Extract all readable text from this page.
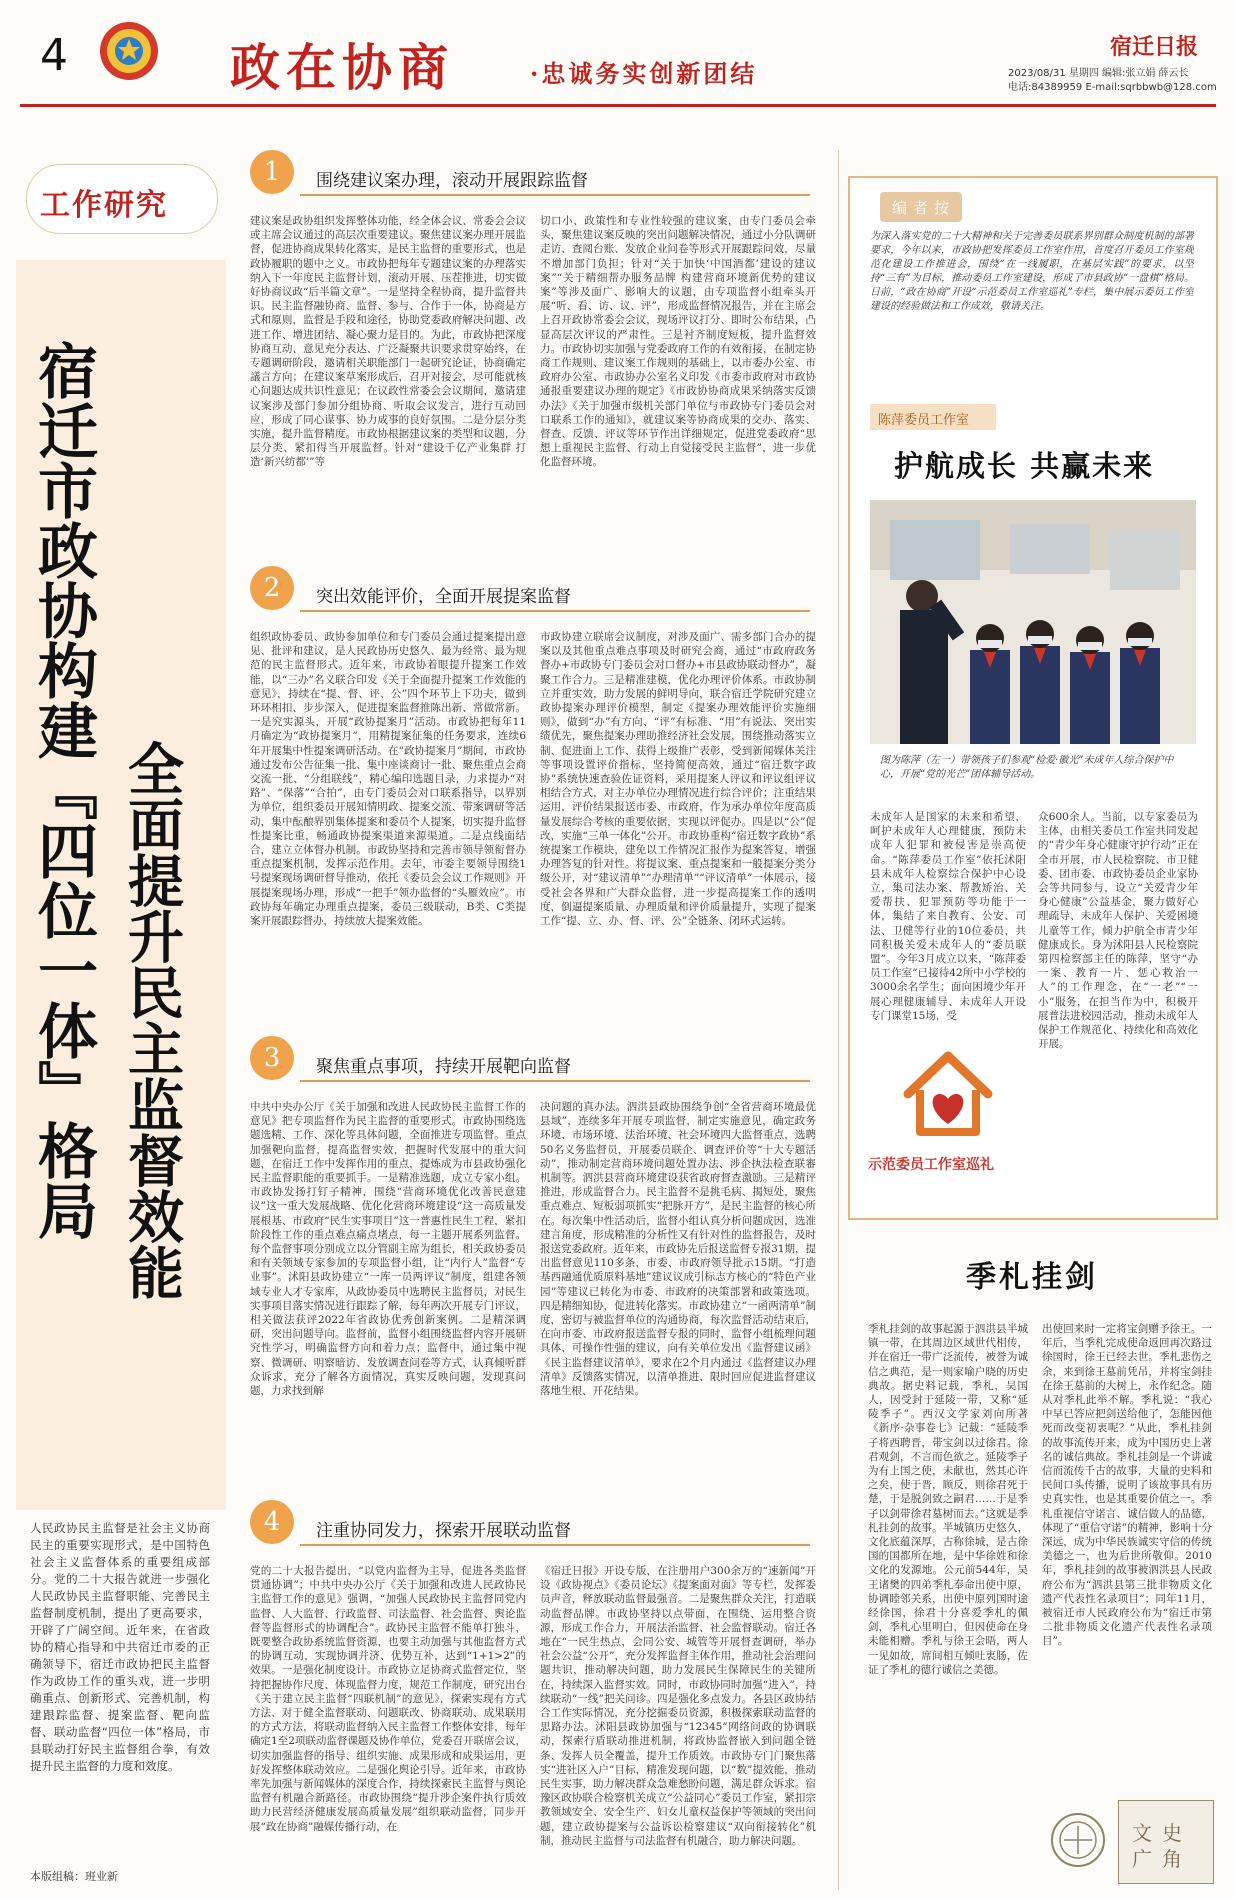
4	政在协商	·忠诚务实创新团结
宿迁日报
2023/08/31 星期四 编辑:张立娟 薛云长
电话:84389959 E-mail:sqrbbwb@128.com
工作研究
宿迁市政协构建『四位一体』格局 全面提升民主监督效能
人民政协民主监督是社会主义协商民主的重要实现形式，是中国特色社会主义监督体系的重要组成部分。党的二十大报告就进一步强化人民政协民主监督职能、完善民主监督制度机制，提出了更高要求，开辟了广阔空间。近年来，在省政协的精心指导和中共宿迁市委的正确领导下，宿迁市政协把民主监督作为政协工作的重头戏，进一步明确重点、创新形式、完善机制，构建跟踪监督、提案监督、靶向监督、联动监督“四位一体”格局，市县联动打好民主监督组合拳，有效提升民主监督的力度和效度。
本版组稿：班业新
1	围绕建议案办理，滚动开展跟踪监督
建议案是政协组织发挥整体功能，经全体会议、常委会会议或主席会议通过的高层次重要建议。聚焦建议案办理开展监督，促进协商成果转化落实，是民主监督的重要形式，也是政协履职的题中之义。市政协把每年专题建议案的办理落实纳入下一年度民主监督计划，滚动开展、压茬推进，切实做好协商议政“后半篇文章”。一是坚持全程协商，提升监督共识。民主监督融协商、监督、参与、合作于一体，协商是方式和原则，监督是手段和途径，协助党委政府解决问题、改进工作、增进团结、凝心聚力是目的。为此，市政协把深度协商互动、意见充分表达、广泛凝聚共识要求贯穿始终，在专题调研阶段，邀请相关职能部门一起研究论证，协商确定議言方向；在建议案草案形成后，召开对接会，尽可能就核心问题达成共识性意见；在议政性常委会会议期间，邀请建议案涉及部门参加分组协商、听取会议发言，进行互动回应，形成了同心谋事、协力成事的良好氛围。二是分层分类实施，提升监督精度。市政协根据建议案的类型和议题，分层分类、紧扣得当开展监督。针对“建设千亿产业集群 打造‘新兴纺都’”等
切口小、政策性和专业性较强的建议案，由专门委员会牵头，聚焦建议案反映的突出问题解决情况，通过小分队调研走访、查阅台账、发放企业问卷等形式开展跟踪问效，尽量不增加部门负担；针对“关于加快‘中国酒都’建设的建议案”“关于精细帮办服务品牌 构建营商环境新优势的建议案”等涉及面广、影响大的议题，由专项监督小组牵头开展“听、看、访、议、评”，形成监督情况报告，并在主席会上召开政协常委会会议，现场评议打分、即时公布结果，凸显高层次评议的严肃性。三是衬齐制度短板，提升监督效力。市政协切实加强与党委政府工作的有效衔接，在制定协商工作规则、建议案工作规则的基础上，以市委办公室、市政府办公室、市政协办公室名义印发《市委市政府对市政协通报重要建议办理的规定》《市政协协商成果采纳落实反馈办法》《关于加强市级机关部门单位与市政协专门委员会对口联系工作的通知》，就建议案等协商成果的交办、落实、督查、反馈、评议等环节作出详细规定，促进党委政府“思想上重视民主监督、行动上自觉接受民主监督”，进一步优化监督环境。
2	突出效能评价，全面开展提案监督
组织政协委员、政协参加单位和专门委员会通过提案提出意见、批评和建议，是人民政协历史悠久、最为经常、最为规范的民主监督形式。近年来，市政协着眼提升提案工作效能，以“三办”名义联合印发《关于全面提升提案工作效能的意见》，持续在“提、督、评、公”四个环节上下功夫，做到环环相扣、步步深入，促进提案监督推陈出新、常做常新。一是究实源头，开展“政协提案月”活动。市政协把每年11月确定为“政协提案月”，用精提案征集的任务要求，连续6年开展集中性提案调研活动。在“政协提案月”期间，市政协通过发布公告征集一批、集中座谈商讨一批、聚焦重点会商交流一批、“分组联线”，精心编印选题目录，力求提办“对路”、“保落”“合拍”，由专门委员会对口联系指导，以界别为单位，组织委员开展知情明政、提案交流、带案调研等活动，集中酝酿界别集体提案和委员个人提案，切实提升监督性提案比重，畅通政协提案渠道来源渠道。二是点线面结合，建立立体督办机制。市政协坚持和完善市领导领衔督办重点提案机制，发挥示范作用。去年，市委主要领导围绕1号提案现场调研督导推动，依托《委员会会议工作规则》开展提案现场办理，形成“一把手”领办监督的“头雁效应”。市政协每年确定办理重点提案，委员三级联动，B类、C类提案开展跟踪督办，持续放大提案效能。
市政协建立联席会议制度，对涉及面广、需多部门合办的提案以及其他重点难点事项及时研究会商，通过“市政府政务督办+市政协专门委员会对口督办+市县政协联动督办”，凝聚工作合力。三是精准建模，优化办理评价体系。市政协制立并重实效，助力发展的鲜明导向，联合宿迁学院研究建立政协提案办理评价模型，制定《提案办理效能评价实施细则》，做到“办”有方向、“评”有标准、“用”有说法、突出实绩优先，聚焦提案办理助推经济社会发展，围绕推动落实立制、促进面上工作、获得上级推广表彰，受到新闻媒体关注等事项设置评价指标，坚持简便高效，通过“宿迁数字政协”系统快速查验佐证资料，采用提案人评议和评议组评议相结合方式，对主办单位办理情况进行综合评价；注重结果运用，评价结果报送市委、市政府，作为承办单位年度高质量发展综合考核的重要依据，实现以评促办。四是以“公”促改，实施“三单一体化”公开。市政协重构“宿迁数字政协”系统提案工作模块，建免以工作情况汇报作为提案答复，增强办理答复的针对性。将提议案、重点提案和一般提案分类分级公开，对“建议清单”“办理清单”“评议清单”一体展示，接受社会各界和广大群众监督，进一步提高提案工作的透明度，倒逼提案质量、办理质量和评价质量提升，实现了提案工作“提、立、办、督、评、公”全链条、闭环式运转。
3	聚焦重点事项，持续开展靶向监督
中共中央办公厅《关于加强和改进人民政协民主监督工作的意见》把专项监督作为民主监督的重要形式。市政协围绕选题选精、工作、深化等具体问题，全面推进专项监督。重点加强靶向监督，提高监督实效，把握时代发展中的重大问题，在宿迁工作中发挥作用的重点，提炼成为市县政协强化民主监督职能的重要抓手。一是精准选题，成立专家小组。市政协发扬打钉子精神，围绕“营商环境优化改善民意建议”这一重大发展战略、优化化营商环境建设“这一高质量发展根基、市政府“民生实事项目”这一普惠性民生工程，紧扣阶段性工作的重点难点痛点堵点，每一主题开展系列监督。每个监督事项分别成立以分管副主席为组长，相关政协委员和有关领域专家参加的专项监督小组，让“内行人”监督“专业事”。沭阳县政协建立“一库一员两评议”制度，组建各领域专业人才专家库，从政协委员中选聘民主监督员，对民生实事项目落实情况进行跟踪了解，每年两次开展专门评议，相关做法获评2022年省政协优秀创新案例。二是精深调研，突出问题导向。监督前，监督小组围绕监督内容开展研究性学习，明确监督方向和着力点；监督中，通过集中视察、微调研、明察暗访、发放调查问卷等方式，认真倾听群众诉求，充分了解各方面情况，真实反映问题，发现真问题，力求找到解
决问题的真办法。泗洪县政协围绕争创“全省营商环境最优县域”，连续多年开展专项监督，制定实施意见，确定政务环境、市场环境、法治环境、社会环境四大监督重点，选聘50名义务监督员，开展委员联企、调查评价等“十大专题活动”，推动制定营商环境问题处置办法、涉企执法检查联審机制等。泗洪县营商环境建设获省政府督查激励。三是精评推进，形成监督合力。民主监督不是挑毛病、揭短处，聚焦重点难点、短板弱项抓实“把脉开方”，是民主监督的核心所在。每次集中性活动后，监督小组认真分析问题成因，选准建言角度，形成精准的分析性又有针对性的监督报告，及时报送党委政府。近年来，市政协先后报送监督专报31期，提出监督意见110多条，市委、市政府领导批示15期。“打造基西融通优质原料基地”建议议成引标志方核心的“特色产业园”等建议已转化为市委、市政府的决策部署和政策选项。四是精细知协，促进转化落实。市政协建立“一函两清单”制度，密切与被监督单位的沟通协商，每次监督活动结束后，在向市委、市政府报送监督专报的同时，监督小组梳理问题具体、可操作性强的建议，向有关单位发出《监督建议函》《民主监督建议清单》，要求在2个月内通过《监督建议办理清单》反馈落实情况，以清单推进、限时回应促进监督建议落地生根、开花结果。
4	注重协同发力，探索开展联动监督
党的二十大报告提出，“以党内监督为主导，促进各类监督贯通协调”；中共中央办公厅《关于加强和改进人民政协民主监督工作的意见》强调，“加强人民政协民主监督同党内监督、人大监督、行政监督、司法监督、社会监督、舆论监督等监督形式的协调配合”。政协民主监督不能单打独斗，既要整合政协系统监督资源，也要主动加强与其他监督方式的协调互动，实现协调并济、优势互补，达到“1+1>2”的效果。一是强化制度设计。市政协立足协商式监督定位，坚持把握协作尺度、体现监督力度，规范工作制度，研究出台《关于建立民主监督“四联机制”的意见》，探索实现有方式方法、对于健全监督联动、问题联改、协商联动、成果联用的方式方法，将联动监督纳入民主监督工作整体安排，每年确定1至2项联动监督课题及协作单位，党委召开联席会议，切实加强监督的指导、组织实施、成果形成和成果运用，更好发挥整体联动效应。二是强化舆论引导。近年来，市政协率先加强与新闻媒体的深度合作，持续探索民主监督与舆论监督有机融合新路径。市政协围绕“提升涉企案件执行质效 助力民营经济健康发展高质量发展”组织联动监督，同步开展“政在协商”融媒传播行动，在
《宿迁日报》开设专版，在注册用户300余万的“速新闻”开设《政协视点》《委员论坛》《提案面对面》等专栏，发挥委员声音，释放联动监督最强音。二是聚焦群众关注，打造联动监督品牌。市政协坚持以点带面，在围绕、运用整合资源，形成工作合力，开展法治监督、社会监督联动。宿迁各地在“一民生热点，会同公安、城管等开展督查调研，举办社会公益“公开”，充分发挥监督主体作用，推动社会治理问题共识，推动解决问题，助力发展民生保障民生的关键所在，持续深入监督实效。同时，市政协同时加强“进入”，持续联动“一线”把关问诊。四是强化多点发力。各县区政协结合工作实际情况，充分挖掘委员资源，积极探索联动监督的思路办法。沭阳县政协加强与“12345”网络问政的协调联动，探索行盾联动推进机制，将政协监督嵌入到问题全链条、发挥人员全覆盖，提升工作质效。市政协专门门聚焦落实“进社区入户”目标，精准发现问题，以“数”提效能，推动民生实事，助力解决群众急难愁盼问题，满足群众诉求。宿豫区政协联合检察机关成立“公益同心”委员工作室，紧扣宗教领域安全、安全生产、妇女儿童权益保护等领域的突出问题，建立政协提案与公益诉讼检察建议“双向衔接转化”机制，推动民主监督与司法监督有机融合，助力解决问题。
编者按
为深入落实党的二十大精神和关于完善委员联系界别群众制度机制的部署要求，今年以来，市政协把发挥委员工作室作用，首度召开委员工作室规范化建设工作推进会，围绕“在一线履职，在基层实践”的要求，以坚持“三有”为目标，推动委员工作室建设，形成了市县政协“一盘棋”格局。日前，“政在协商”开设“示范委员工作室巡礼”专栏，集中展示委员工作室建设的经验做法和工作成效，敬请关注。
陈萍委员工作室
护航成长 共赢未来
图为陈萍（左一）带领孩子们参观“检爱·徽光”未成年人综合保护中心，开展“党的光芒”团体辅导活动。
未成年人是国家的未来和希望，呵护未成年人心理健康，预防未成年人犯罪和被侵害是崇高使命。“陈萍委员工作室”依托沭阳县未成年人检察综合保护中心设立，集司法办案、帮教矫治、关爱帮扶、犯罪预防等功能于一体，集结了来自教育、公安、司法、卫健等行业的10位委员，共同积极关爱未成年人的“委员联盟”。今年3月成立以来，“陈萍委员工作室”已接待42所中小学校的3000余名学生；面向困境少年开展心理健康辅导、未成年人开设专门课堂15场，受
众600余人。当前，以专家委员为主体，由相关委员工作室共同发起的“青少年身心健康守护行动”正在全市开展，市人民检察院、市卫健委、团市委、市政协委员企业家协会等共同参与，设立“关爱青少年身心健康”公益基金，聚力做好心理疏导、未成年人保护、关爱困境儿童等工作，倾力护航全市青少年健康成长。身为沭阳县人民检察院第四检察部主任的陈萍，坚守“办一案、教育一片、惩心救治一人”的工作理念，在“一老”“一小”服务，在担当作为中，积极开展普法进校园活动，推动未成年人保护工作规范化、持续化和高效化开展。
示范委员工作室巡礼
季札挂剑
季札挂剑的故事起源于泗洪县半城镇一带，在其周边区域世代相传，并在宿迁一带广泛流传，被誉为诚信之典范，是一则家喻户晓的历史典故。据史料记载，季札，吴国人，因受封于延陵一带，又称“延陵季子”。西汉文学家刘向所著《新序·杂事卷七》记载：“延陵季子将西聘晋，带宝剑以过徐君。徐君观剑，不言而色欲之。延陵季子为有上国之使，未献也，然其心许之矣，使于晋，顾反，则徐君死于楚，于是脱剑致之嗣君……于是季子以剑带徐君墓树而去。”这就是季札挂剑的故事。半城镇历史悠久，文化底蕴深厚，古称徐城，是古徐国的国都所在地，是中华徐姓和徐文化的发源地。公元前544年，吴王诸樊的四弟季札奉命出使中原，协调睦邻关系，出使中原列国时途经徐国，徐君十分喜爱季札的佩剑，季札心里明白，但因使命在身未能相赠。季札与徐王会晤，两人一见如故，席间相互倾吐衷肠，佐证了季札的德行诚信之美德。
出使回来时一定将宝剑赠予徐王。一年后，当季札完成使命返回再次路过徐国时，徐王已经去世。季札悲伤之余，来到徐王墓前凭吊，并将宝剑挂在徐王墓前的大树上，永作纪念。随从对季札此举不解。季札说：“我心中早已答应把剑送给他了，怎能因他死而改变初衷呢？”从此，季札挂剑的故事流传开来，成为中国历史上著名的诚信典故。季札挂剑是一个讲诚信而流传千古的故事，大量的史料和民间口头传播，说明了该故事具有历史真实性，也是其重要价值之一。季札重视信守诺言、诚信做人的品德，体现了“重信守诺”的精神，影响十分深远，成为中华民族诚实守信的传统美德之一，也为后世所敬仰。2010年，季札挂剑的故事被泗洪县人民政府公布为“泗洪县第三批非物质文化遗产代表性名录项目”；同年11月，被宿迁市人民政府公布为“宿迁市第二批非物质文化遗产代表性名录项目”。
文史广角
